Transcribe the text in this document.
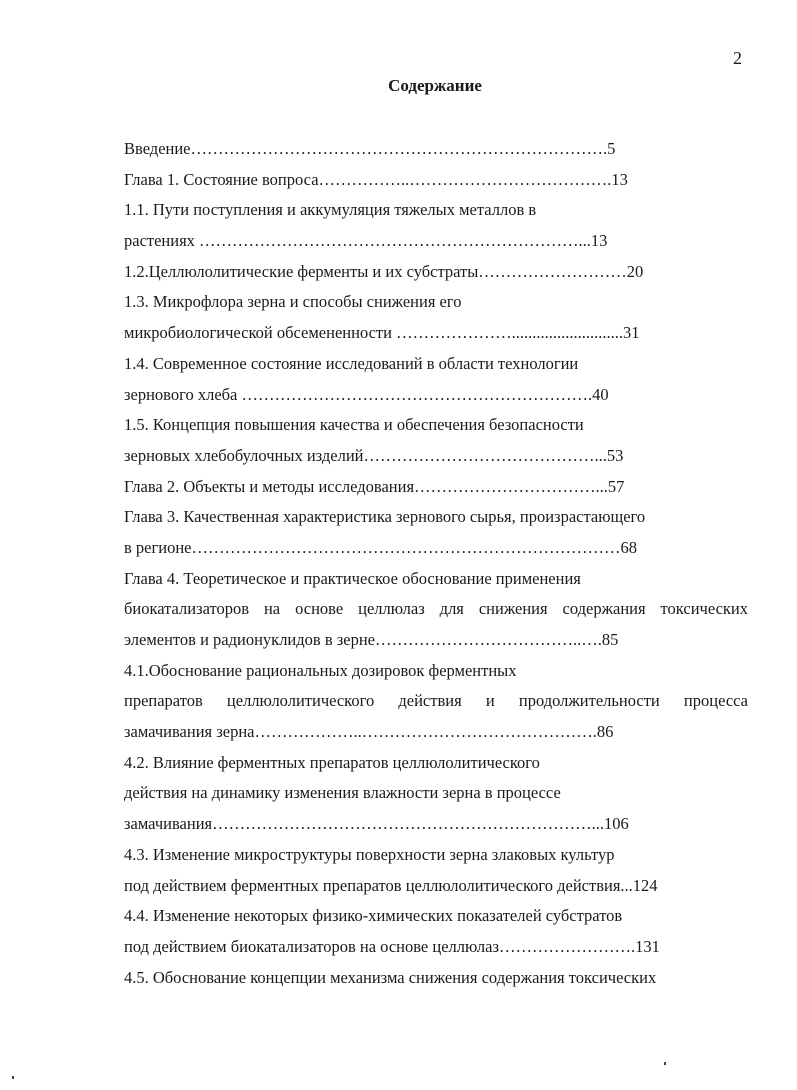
2
Содержание
Введение………………………………………………………………….5
Глава 1. Состояние вопроса……………..……………………………….13
1.1. Пути поступления и аккумуляция тяжелых металлов в
растениях ……………………………………………………………...13
1.2.Целлюлолитические ферменты и их субстраты………………………20
1.3. Микрофлора зерна и способы снижения его
микробиологической обсемененности …………………...........................31
1.4. Современное состояние исследований в области технологии
зернового хлеба ……………………………………………………….40
1.5. Концепция повышения качества и обеспечения безопасности
зерновых хлебобулочных изделий……………………………………...53
Глава 2. Объекты и методы исследования……………………………...57
Глава 3. Качественная характеристика зернового сырья, произрастающего
в регионе……………………………………………………………………68
Глава 4. Теоретическое и практическое обоснование применения
биокатализаторов на основе целлюлаз для снижения содержания токсических
элементов и радионуклидов в зерне………………………………..….85
4.1.Обоснование рациональных дозировок ферментных
препаратов целлюлолитического действия и продолжительности процесса
замачивания зерна………………..…………………………………….86
4.2. Влияние ферментных препаратов целлюлолитического
действия на динамику изменения влажности зерна в процессе
замачивания……………………………………………………………...106
4.3. Изменение микроструктуры поверхности зерна злаковых культур
под действием ферментных препаратов целлюлолитического действия...124
4.4. Изменение некоторых физико-химических показателей субстратов
под действием биокатализаторов на основе целлюлаз…………………….131
4.5. Обоснование концепции механизма снижения содержания токсических
